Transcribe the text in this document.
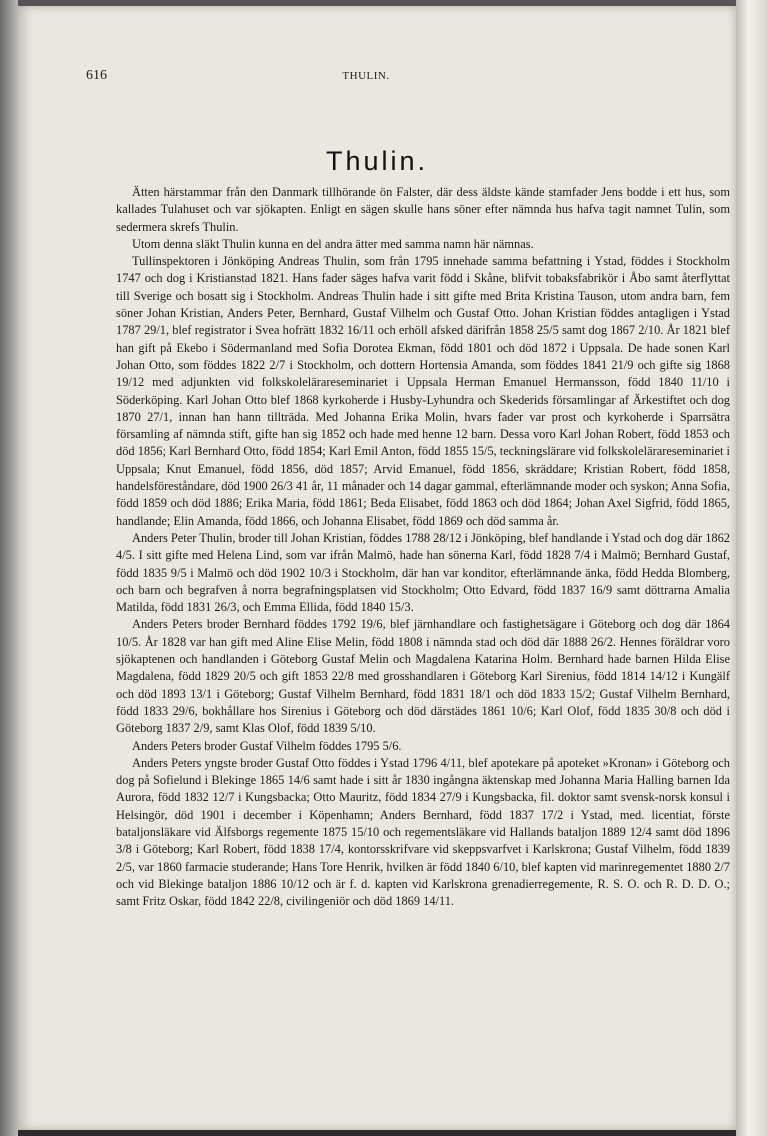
616	THULIN.
Thulin.

Ätten härstammar från den Danmark tillhörande ön Falster, där dess äldste kände stamfader Jens bodde i ett hus, som kallades Tulahuset och var sjökapten. Enligt en sägen skulle hans söner efter nämnda hus hafva tagit namnet Tulin, som sedermera skrefs Thulin.

Utom denna släkt Thulin kunna en del andra ätter med samma namn här nämnas.

Tullinspektoren i Jönköping Andreas Thulin, som från 1795 innehade samma befattning i Ystad, föddes i Stockholm 1747 och dog i Kristianstad 1821. Hans fader säges hafva varit född i Skåne, blifvit tobaksfabrikör i Åbo samt återflyttat till Sverige och bosatt sig i Stockholm. Andreas Thulin hade i sitt gifte med Brita Kristina Tauson, utom andra barn, fem söner Johan Kristian, Anders Peter, Bernhard, Gustaf Vilhelm och Gustaf Otto. Johan Kristian föddes antagligen i Ystad 1787 29/1, blef registrator i Svea hofrätt 1832 16/11 och erhöll afsked därifrån 1858 25/5 samt dog 1867 2/10. År 1821 blef han gift på Ekebo i Södermanland med Sofia Dorotea Ekman, född 1801 och död 1872 i Uppsala. De hade sonen Karl Johan Otto, som föddes 1822 2/7 i Stockholm, och dottern Hortensia Amanda, som föddes 1841 21/9 och gifte sig 1868 19/12 med adjunkten vid folkskolelärareseminariet i Uppsala Herman Emanuel Hermansson, född 1840 11/10 i Söderköping. Karl Johan Otto blef 1868 kyrkoherde i Husby-Lyhundra och Skederids församlingar af Ärkestiftet och dog 1870 27/1, innan han hann tillträda. Med Johanna Erika Molin, hvars fader var prost och kyrkoherde i Sparrsätra församling af nämnda stift, gifte han sig 1852 och hade med henne 12 barn. Dessa voro Karl Johan Robert, född 1853 och död 1856; Karl Bernhard Otto, född 1854; Karl Emil Anton, född 1855 15/5, teckningslärare vid folkskolelärareseminariet i Uppsala; Knut Emanuel, född 1856, död 1857; Arvid Emanuel, född 1856, skräddare; Kristian Robert, född 1858, handelsföreståndare, död 1900 26/3 41 år, 11 månader och 14 dagar gammal, efterlämnande moder och syskon; Anna Sofia, född 1859 och död 1886; Erika Maria, född 1861; Beda Elisabet, född 1863 och död 1864; Johan Axel Sigfrid, född 1865, handlande; Elin Amanda, född 1866, och Johanna Elisabet, född 1869 och död samma år.

Anders Peter Thulin, broder till Johan Kristian, föddes 1788 28/12 i Jönköping, blef handlande i Ystad och dog där 1862 4/5. I sitt gifte med Helena Lind, som var ifrån Malmö, hade han sönerna Karl, född 1828 7/4 i Malmö; Bernhard Gustaf, född 1835 9/5 i Malmö och död 1902 10/3 i Stockholm, där han var konditor, efterlämnande änka, född Hedda Blomberg, och barn och begrafven å norra begrafningsplatsen vid Stockholm; Otto Edvard, född 1837 16/9 samt döttrarna Amalia Matilda, född 1831 26/3, och Emma Ellida, född 1840 15/3.

Anders Peters broder Bernhard föddes 1792 19/6, blef järnhandlare och fastighetsägare i Göteborg och dog där 1864 10/5. År 1828 var han gift med Aline Elise Melin, född 1808 i nämnda stad och död där 1888 26/2. Hennes föräldrar voro sjökaptenen och handlanden i Göteborg Gustaf Melin och Magdalena Katarina Holm. Bernhard hade barnen Hilda Elise Magdalena, född 1829 20/5 och gift 1853 22/8 med grosshandlaren i Göteborg Karl Sirenius, född 1814 14/12 i Kungälf och död 1893 13/1 i Göteborg; Gustaf Vilhelm Bernhard, född 1831 18/1 och död 1833 15/2; Gustaf Vilhelm Bernhard, född 1833 29/6, bokhållare hos Sirenius i Göteborg och död därstädes 1861 10/6; Karl Olof, född 1835 30/8 och död i Göteborg 1837 2/9, samt Klas Olof, född 1839 5/10.

Anders Peters broder Gustaf Vilhelm föddes 1795 5/6.

Anders Peters yngste broder Gustaf Otto föddes i Ystad 1796 4/11, blef apotekare på apoteket »Kronan» i Göteborg och dog på Sofielund i Blekinge 1865 14/6 samt hade i sitt år 1830 ingångna äktenskap med Johanna Maria Halling barnen Ida Aurora, född 1832 12/7 i Kungsbacka; Otto Mauritz, född 1834 27/9 i Kungsbacka, fil. doktor samt svensk-norsk konsul i Helsingör, död 1901 i december i Köpenhamn; Anders Bernhard, född 1837 17/2 i Ystad, med. licentiat, förste bataljonsläkare vid Älfsborgs regemente 1875 15/10 och regementsläkare vid Hallands bataljon 1889 12/4 samt död 1896 3/8 i Göteborg; Karl Robert, född 1838 17/4, kontorsskrifvare vid skeppsvarfvet i Karlskrona; Gustaf Vilhelm, född 1839 2/5, var 1860 farmacie studerande; Hans Tore Henrik, hvilken är född 1840 6/10, blef kapten vid marinregementet 1880 2/7 och vid Blekinge bataljon 1886 10/12 och är f. d. kapten vid Karlskrona grenadierregemente, R. S. O. och R. D. D. O.; samt Fritz Oskar, född 1842 22/8, civilingeniör och död 1869 14/11.
